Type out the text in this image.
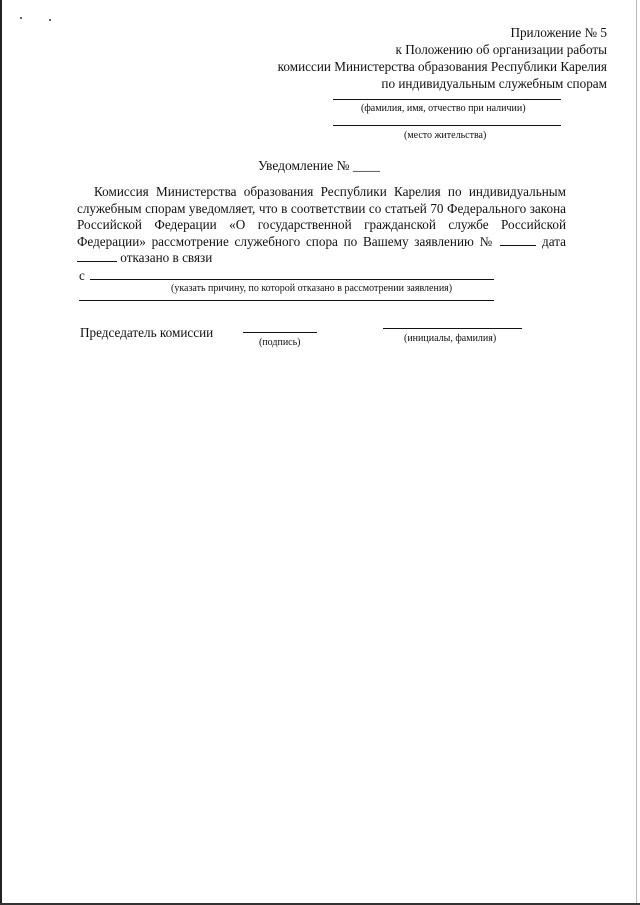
Приложение № 5
к Положению об организации работы
комиссии Министерства образования Республики Карелия
по индивидуальным служебным спорам
(фамилия, имя, отчество при наличии)
(место жительства)
Уведомление № ____
Комиссия Министерства образования Республики Карелия по индивидуальным
служебным спорам уведомляет, что в соответствии со статьей 70 Федерального закона
Российской Федерации «О государственной гражданской службе Российской
Федерации» рассмотрение служебного спора по Вашему заявлению №	дата
отказано в связи
с
(указать причину, по которой отказано в рассмотрении заявления)
Председатель комиссии
(подпись)	(инициалы, фамилия)
